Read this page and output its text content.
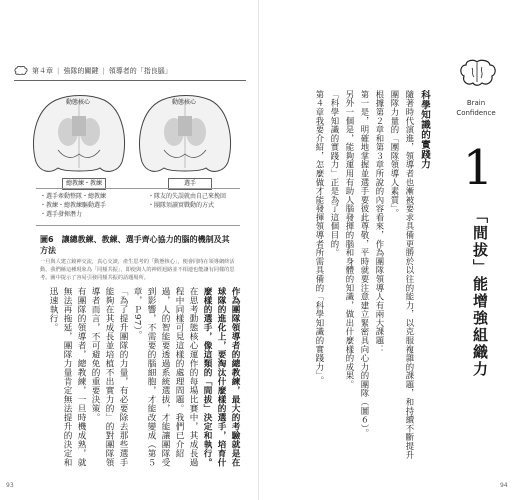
第４章 | 強隊的關鍵 | 領導者的「指良腦」
動態核心	動態核心
總教練・教練	選手
・ 選手牽動整隊・總教練
・ 教練・總教練驅動選手
・ 選手發揮潛力
・ 隊友的失誤就由自己來挽回
・ 團隊須讀實戰動的方式
圖6　讓總教練、教練、選手齊心協力的腦的機制及其方法
一旦與人建立鏡神交流，真心交談，產生思考的「動態核心」，便會同時在領導網終活動，我們稱這種現象為「同頻共振」，即使與人的神經迴路並不相連也能讓有同樣的思考。圖中提示了容易引發同頻共振的話題場所。

作為團隊領導者的總教練，最大的考驗就是在球隊的進化上，要淘汰什麼樣的選手，培育什麼樣的選手，像這類的「間拔」決定和執行。

在思考動態核心運作的每場比賽中，其成長過程中同樣可見這樣的處理問題。我們已介紹過，人的智能要透過系統選拔，才能讓團隊受到影響，不需要的腦細胞，才能改變成（第５章，Ｐ97）。

「為了提升團隊的力量，有必要除去那些選手能夠在其成長並培植不出實力的」的對團隊領導者而言，不可避免的重要決策。

有團隊的領導者，總教練，一旦時機成熟，就無法再拖延，團隊力量肯定無法提升的決定和迅速執行。

93

科學知識的實踐力

隨著時代演進，領導者也漸被要求具備更勝於以往的能力，以克服複雜的課題，和持續不斷提升團隊力量的「團隊領導人素質」。

根據第２章和第３章所說的內容看來，作為團隊領導人有兩大課題：

第一是，明確地掌握並選手要彼此尊敬，平時就要注意建立緊密具向心力的團隊（圖６）。

另外一個是，能夠運用有助人腦發揮的腦和身體的知識，做出什麼樣的成果。

「科學知識的實踐力」正是為了這個目的。

第４章我要介紹，怎麼做才能發揮領導者所需具備的「科學知識的實踐力」。	Brain
Confidence
1
「間拔」能增強組織力
94
